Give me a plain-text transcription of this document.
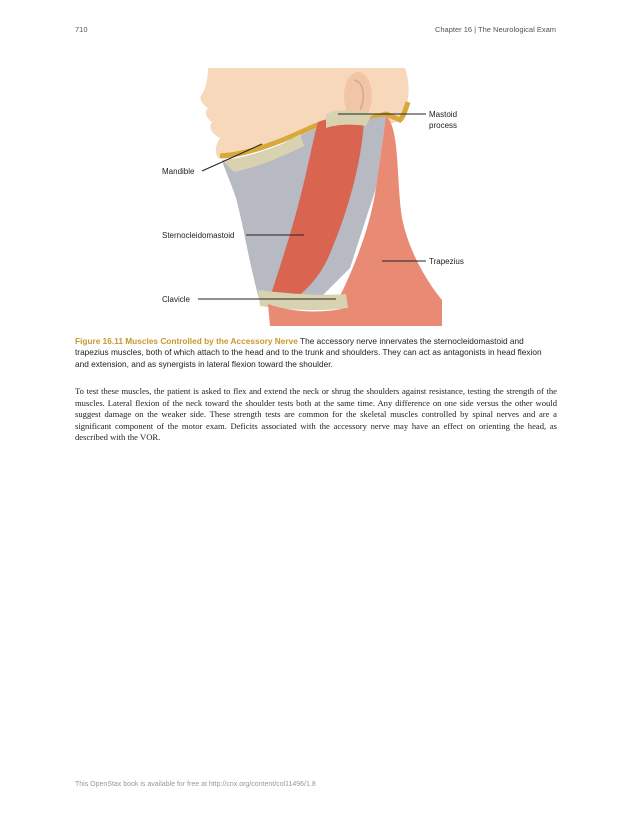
710	Chapter 16 | The Neurological Exam
Mastoid
process
Mandible
Sternocleidomastoid
Trapezius
Clavicle
Figure 16.11 Muscles Controlled by the Accessory Nerve The accessory nerve innervates the sternocleidomastoid and trapezius muscles, both of which attach to the head and to the trunk and shoulders. They can act as antagonists in head flexion and extension, and as synergists in lateral flexion toward the shoulder.

To test these muscles, the patient is asked to flex and extend the neck or shrug the shoulders against resistance, testing the strength of the muscles. Lateral flexion of the neck toward the shoulder tests both at the same time. Any difference on one side versus the other would suggest damage on the weaker side. These strength tests are common for the skeletal muscles controlled by spinal nerves and are a significant component of the motor exam. Deficits associated with the accessory nerve may have an effect on orienting the head, as described with the VOR.

This OpenStax book is available for free at http://cnx.org/content/col11496/1.8
